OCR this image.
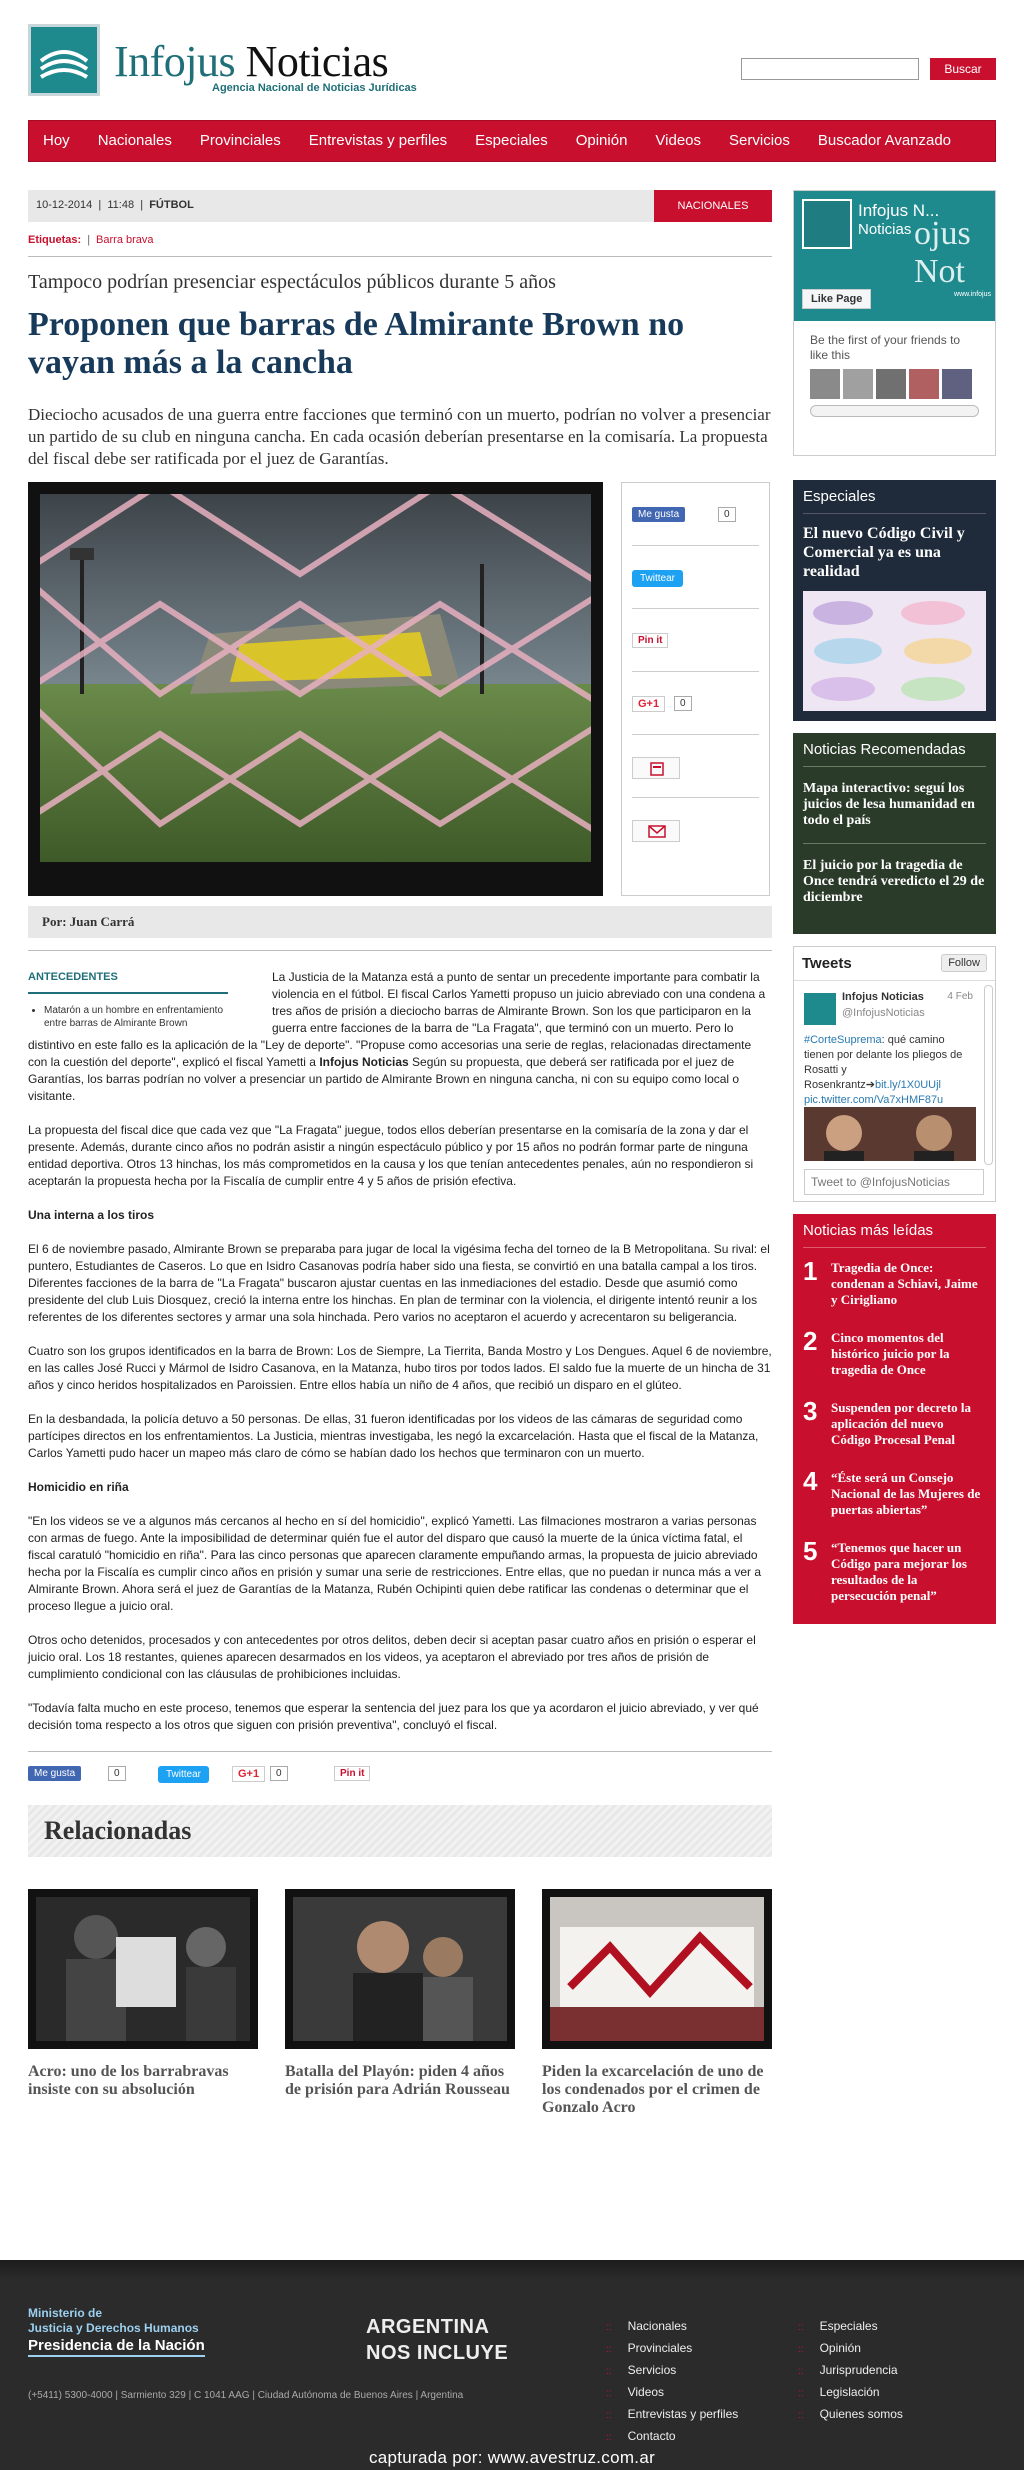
Infojus Noticias
Agencia Nacional de Noticias Jurídicas
Buscar
Hoy	Nacionales	Provinciales	Entrevistas y perfiles	Especiales	Opinión	Videos	Servicios	Buscador Avanzado
10-12-2014  |  11:48  |  FÚTBOL	NACIONALES
Etiquetas: | Barra brava
Tampoco podrían presenciar espectáculos públicos durante 5 años
Proponen que barras de Almirante Brown no vayan más a la cancha
Dieciocho acusados de una guerra entre facciones que terminó con un muerto, podrían no volver a presenciar un partido de su club en ninguna cancha. En cada ocasión deberían presentarse en la comisaría. La propuesta del fiscal debe ser ratificada por el juez de Garantías.
Me gusta	0
Twittear
Pin it
G+1	0
Por: Juan Carrá
ANTECEDENTES
• Matarón a un hombre en enfrentamiento entre barras de Almirante Brown

La Justicia de la Matanza está a punto de sentar un precedente importante para combatir la violencia en el fútbol. El fiscal Carlos Yametti propuso un juicio abreviado con una condena a tres años de prisión a dieciocho barras de Almirante Brown. Son los que participaron en la guerra entre facciones de la barra de "La Fragata", que terminó con un muerto. Pero lo distintivo en este fallo es la aplicación de la "Ley de deporte". "Propuse como accesorias una serie de reglas, relacionadas directamente con la cuestión del deporte", explicó el fiscal Yametti a Infojus Noticias Según su propuesta, que deberá ser ratificada por el juez de Garantías, los barras podrían no volver a presenciar un partido de Almirante Brown en ninguna cancha, ni con su equipo como local o visitante.

La propuesta del fiscal dice que cada vez que "La Fragata" juegue, todos ellos deberían presentarse en la comisaría de la zona y dar el presente. Además, durante cinco años no podrán asistir a ningún espectáculo público y por 15 años no podrán formar parte de ninguna entidad deportiva. Otros 13 hinchas, los más comprometidos en la causa y los que tenían antecedentes penales, aún no respondieron si aceptarán la propuesta hecha por la Fiscalía de cumplir entre 4 y 5 años de prisión efectiva.

Una interna a los tiros

El 6 de noviembre pasado, Almirante Brown se preparaba para jugar de local la vigésima fecha del torneo de la B Metropolitana. Su rival: el puntero, Estudiantes de Caseros. Lo que en Isidro Casanovas podría haber sido una fiesta, se convirtió en una batalla campal a los tiros. Diferentes facciones de la barra de "La Fragata" buscaron ajustar cuentas en las inmediaciones del estadio. Desde que asumió como presidente del club Luis Diosquez, creció la interna entre los hinchas. En plan de terminar con la violencia, el dirigente intentó reunir a los referentes de los diferentes sectores y armar una sola hinchada. Pero varios no aceptaron el acuerdo y acrecentaron su beligerancia.

Cuatro son los grupos identificados en la barra de Brown: Los de Siempre, La Tierrita, Banda Mostro y Los Dengues. Aquel 6 de noviembre, en las calles José Rucci y Mármol de Isidro Casanova, en la Matanza, hubo tiros por todos lados. El saldo fue la muerte de un hincha de 31 años y cinco heridos hospitalizados en Paroissien. Entre ellos había un niño de 4 años, que recibió un disparo en el glúteo.

En la desbandada, la policía detuvo a 50 personas. De ellas, 31 fueron identificadas por los videos de las cámaras de seguridad como partícipes directos en los enfrentamientos. La Justicia, mientras investigaba, les negó la excarcelación. Hasta que el fiscal de la Matanza, Carlos Yametti pudo hacer un mapeo más claro de cómo se habían dado los hechos que terminaron con un muerto.

Homicidio en riña

"En los videos se ve a algunos más cercanos al hecho en sí del homicidio", explicó Yametti. Las filmaciones mostraron a varias personas con armas de fuego. Ante la imposibilidad de determinar quién fue el autor del disparo que causó la muerte de la única víctima fatal, el fiscal caratuló "homicidio en riña". Para las cinco personas que aparecen claramente empuñando armas, la propuesta de juicio abreviado hecha por la Fiscalía es cumplir cinco años en prisión y sumar una serie de restricciones. Entre ellas, que no puedan ir nunca más a ver a Almirante Brown. Ahora será el juez de Garantías de la Matanza, Rubén Ochipinti quien debe ratificar las condenas o determinar que el proceso llegue a juicio oral.

Otros ocho detenidos, procesados y con antecedentes por otros delitos, deben decir si aceptan pasar cuatro años en prisión o esperar el juicio oral. Los 18 restantes, quienes aparecen desarmados en los videos, ya aceptaron el abreviado por tres años de prisión de cumplimiento condicional con las cláusulas de prohibiciones incluidas.

"Todavía falta mucho en este proceso, tenemos que esperar la sentencia del juez para los que ya acordaron el juicio abreviado, y ver qué decisión toma respecto a los otros que siguen con prisión preventiva", concluyó el fiscal.

Me gusta	0	Twittear	G+1	0	Pin it
Relacionadas
Acro: uno de los barrabravas insiste con su absolución
Batalla del Playón: piden 4 años de prisión para Adrián Rousseau
Piden la excarcelación de uno de los condenados por el crimen de Gonzalo Acro
ojus Not
Infojus N...
Noticias
Like Page	www.infojus
Be the first of your friends to like this
Especiales
El nuevo Código Civil y Comercial ya es una realidad
Noticias Recomendadas
Mapa interactivo: seguí los juicios de lesa humanidad en todo el país
El juicio por la tragedia de Once tendrá veredicto el 29 de diciembre
Tweets	Follow
Infojus Noticias
@InfojusNoticias
4 Feb
#CorteSuprema: qué camino tienen por delante los pliegos de Rosatti y Rosenkrantz➔bit.ly/1X0UUjl pic.twitter.com/Va7xHMF87u
Tweet to @InfojusNoticias
Noticias más leídas
1 Tragedia de Once: condenan a Schiavi, Jaime y Cirigliano
2 Cinco momentos del histórico juicio por la tragedia de Once
3 Suspenden por decreto la aplicación del nuevo Código Procesal Penal
4 “Éste será un Consejo Nacional de las Mujeres de puertas abiertas”
5 “Tenemos que hacer un Código para mejorar los resultados de la persecución penal”
Ministerio de
Justicia y Derechos Humanos
Presidencia de la Nación
ARGENTINA
NOS INCLUYE
:: Nacionales
:: Provinciales
:: Servicios
:: Videos
:: Entrevistas y perfiles
:: Contacto
:: Especiales
:: Opinión
:: Jurisprudencia
:: Legislación
:: Quienes somos
(+5411) 5300-4000 | Sarmiento 329 | C 1041 AAG | Ciudad Autónoma de Buenos Aires | Argentina
capturada por: www.avestruz.com.ar
